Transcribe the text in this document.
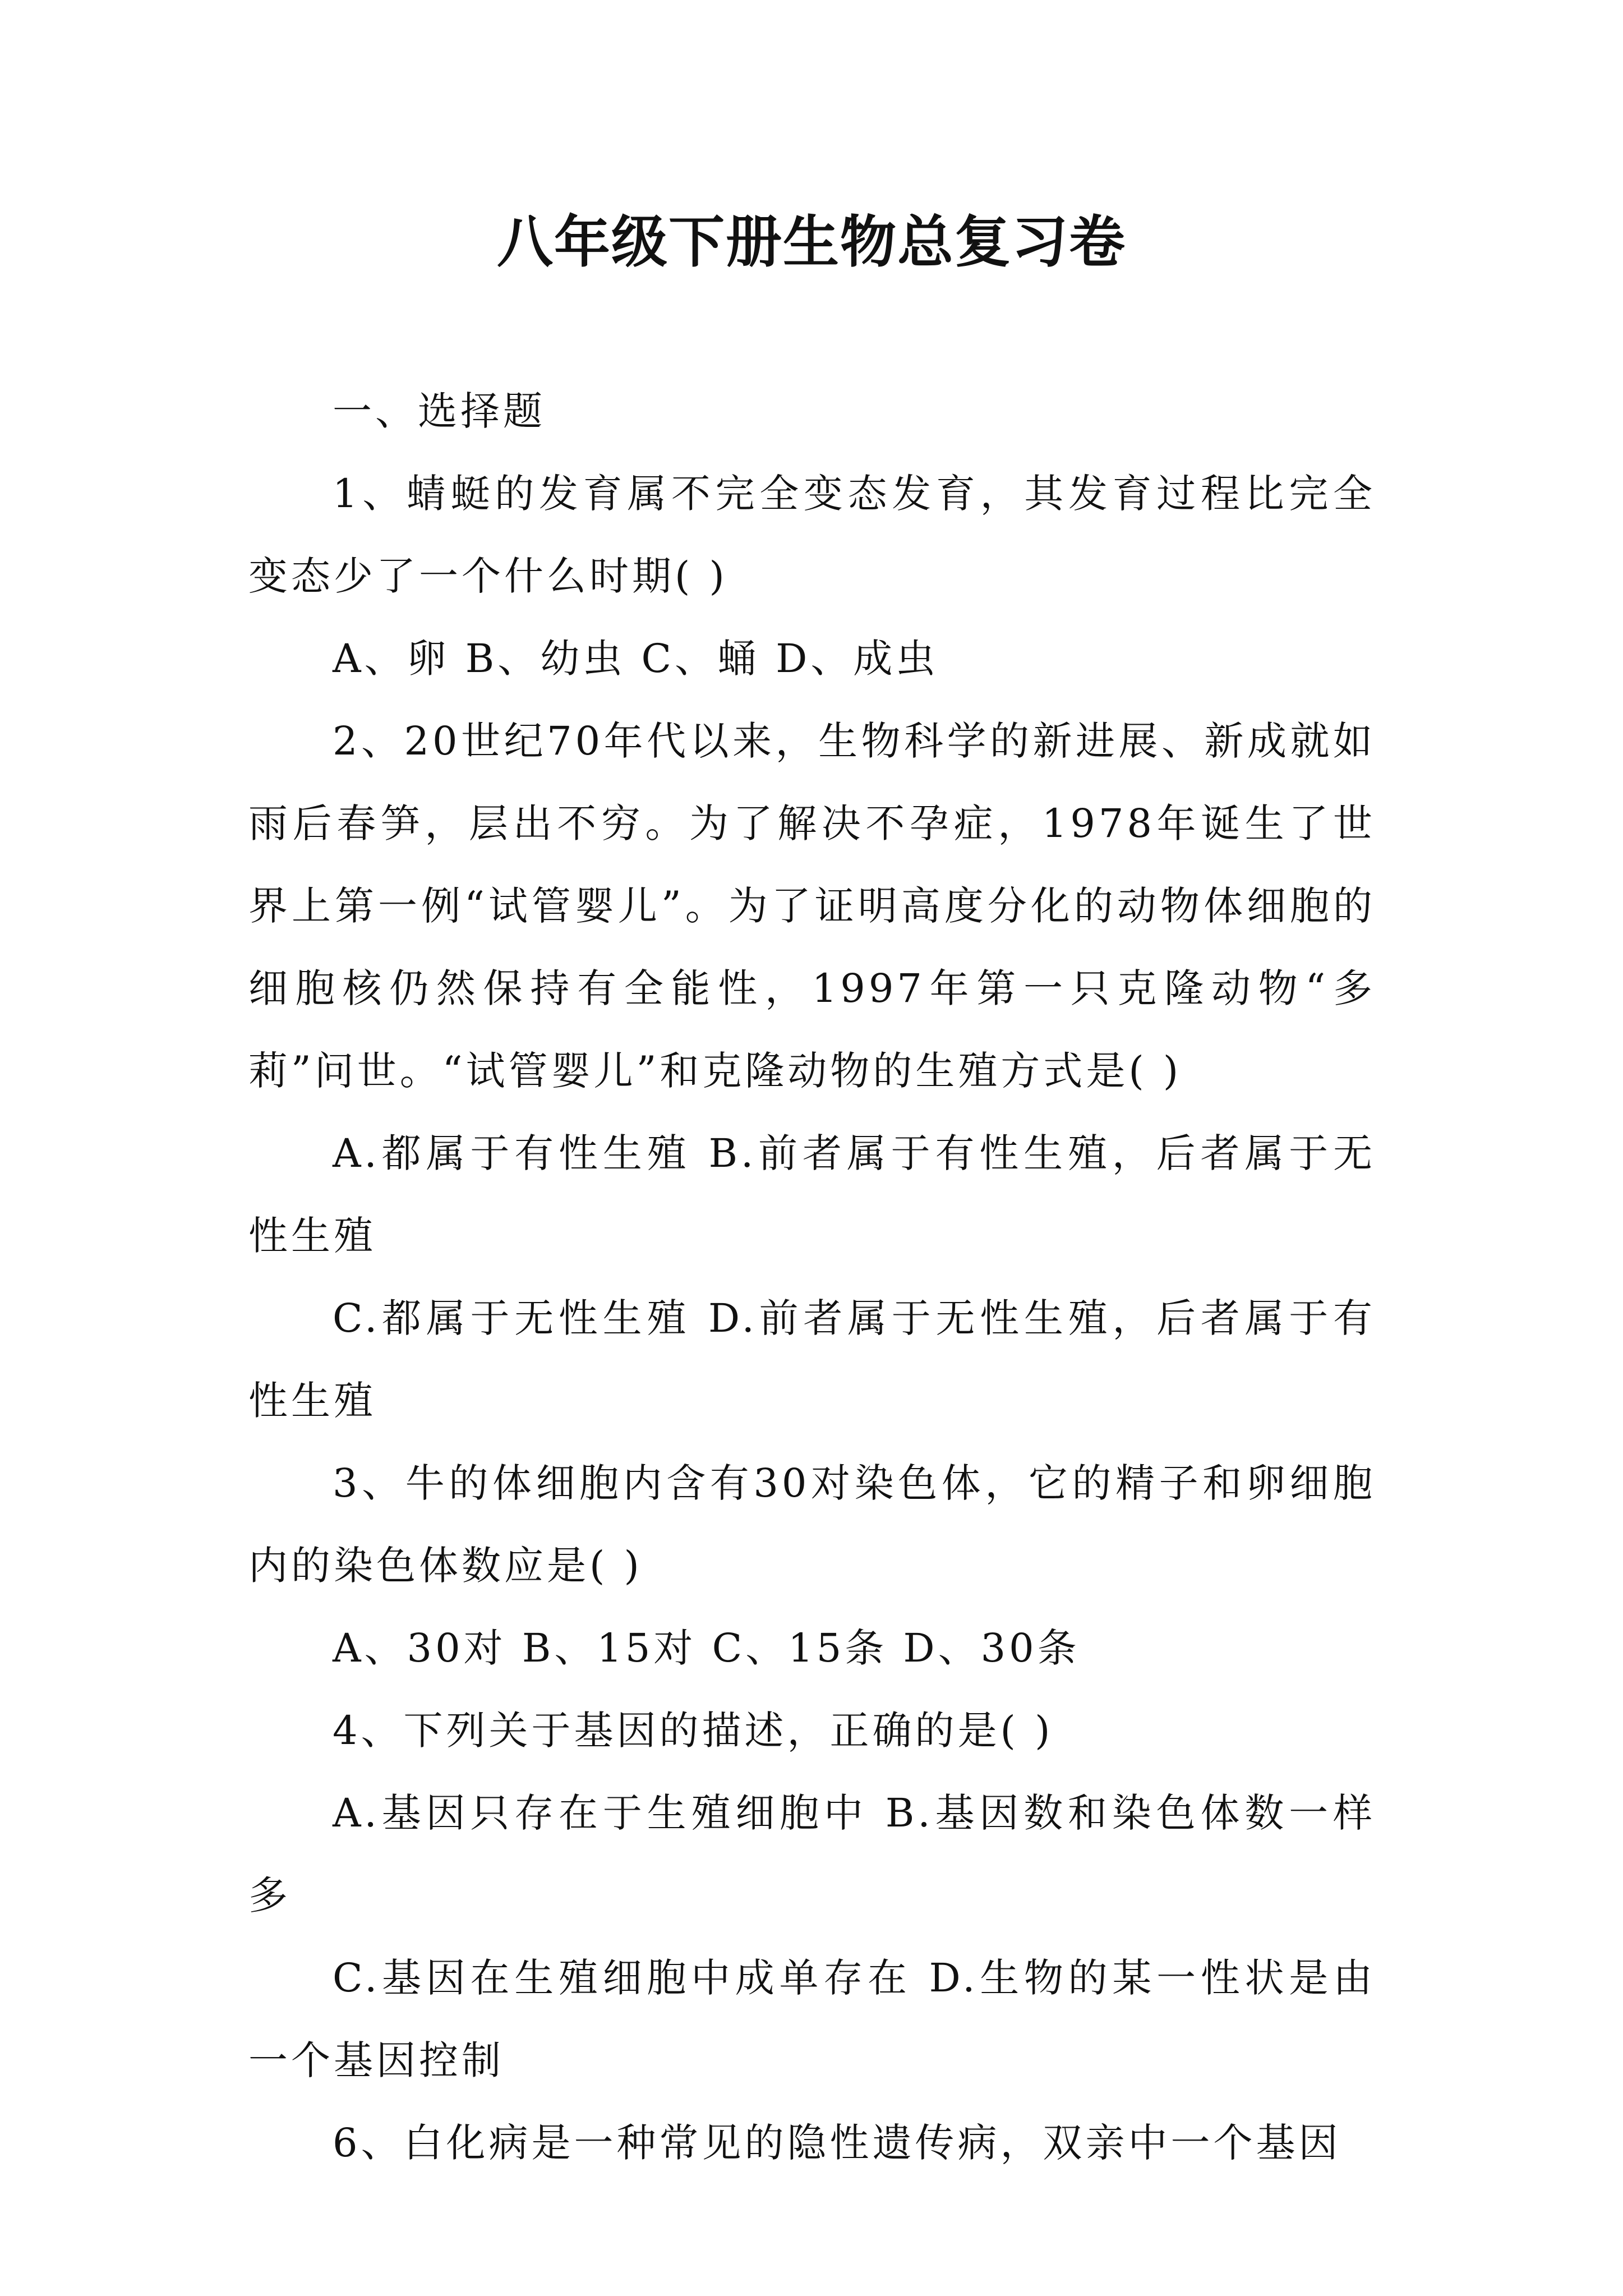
八年级下册生物总复习卷

一、选择题

1、蜻蜓的发育属不完全变态发育，其发育过程比完全变态少了一个什么时期( )

A、卵 B、幼虫 C、蛹 D、成虫

2、20世纪70年代以来，生物科学的新进展、新成就如雨后春笋，层出不穷。为了解决不孕症，1978年诞生了世界上第一例“试管婴儿”。为了证明高度分化的动物体细胞的细胞核仍然保持有全能性，1997年第一只克隆动物“多莉”问世。“试管婴儿”和克隆动物的生殖方式是( )

A.都属于有性生殖 B.前者属于有性生殖，后者属于无性生殖

C.都属于无性生殖 D.前者属于无性生殖，后者属于有性生殖

3、牛的体细胞内含有30对染色体，它的精子和卵细胞内的染色体数应是( )

A、30对 B、15对 C、15条 D、30条

4、下列关于基因的描述，正确的是( )

A.基因只存在于生殖细胞中 B.基因数和染色体数一样多

C.基因在生殖细胞中成单存在 D.生物的某一性状是由一个基因控制

6、白化病是一种常见的隐性遗传病，双亲中一个基因
